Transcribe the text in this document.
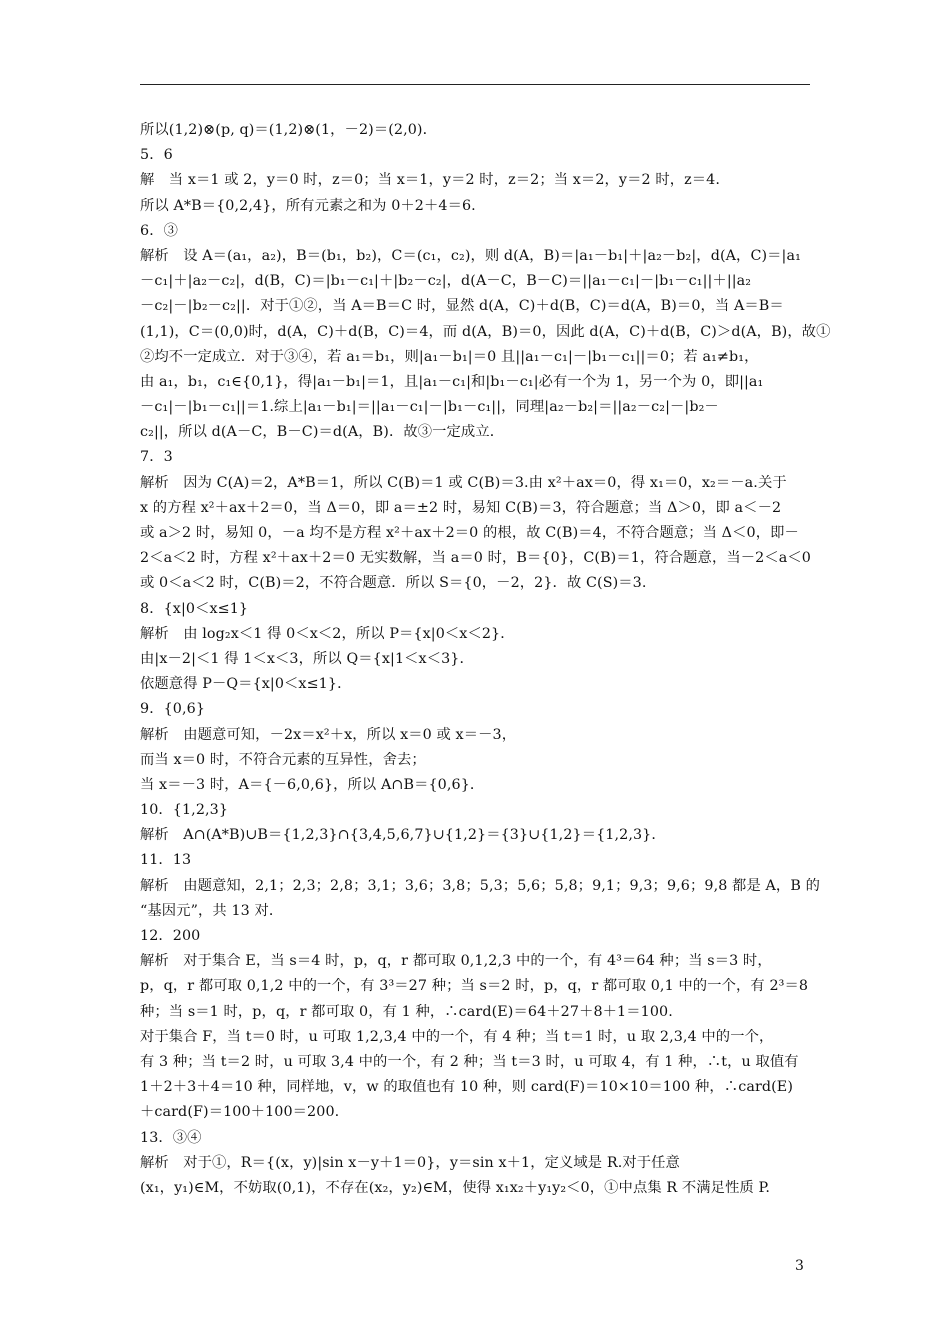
所以(1,2)⊗(p, q)＝(1,2)⊗(1，－2)＝(2,0)．
5．6
解　当 x＝1 或 2，y＝0 时，z＝0；当 x＝1，y＝2 时，z＝2；当 x＝2，y＝2 时，z＝4.
所以 A*B＝{0,2,4}，所有元素之和为 0＋2＋4＝6.
6．③
解析　设 A＝(a₁，a₂)，B＝(b₁，b₂)，C＝(c₁，c₂)，则 d(A，B)＝|a₁－b₁|＋|a₂－b₂|，d(A，C)＝|a₁
－c₁|＋|a₂－c₂|，d(B，C)＝|b₁－c₁|＋|b₂－c₂|，d(A－C，B－C)＝||a₁－c₁|－|b₁－c₁||＋||a₂
－c₂|－|b₂－c₂||．对于①②，当 A＝B＝C 时，显然 d(A，C)＋d(B，C)＝d(A，B)＝0，当 A＝B＝
(1,1)，C＝(0,0)时，d(A，C)＋d(B，C)＝4，而 d(A，B)＝0，因此 d(A，C)＋d(B，C)＞d(A，B)，故①
②均不一定成立．对于③④，若 a₁＝b₁，则|a₁－b₁|＝0 且||a₁－c₁|－|b₁－c₁||＝0；若 a₁≠b₁，
由 a₁，b₁，c₁∈{0,1}，得|a₁－b₁|＝1，且|a₁－c₁|和|b₁－c₁|必有一个为 1，另一个为 0，即||a₁
－c₁|－|b₁－c₁||＝1.综上|a₁－b₁|＝||a₁－c₁|－|b₁－c₁||，同理|a₂－b₂|＝||a₂－c₂|－|b₂－
c₂||，所以 d(A－C，B－C)＝d(A，B)．故③一定成立．
7．3
解析　因为 C(A)＝2，A*B＝1，所以 C(B)＝1 或 C(B)＝3.由 x²＋ax＝0，得 x₁＝0，x₂＝－a.关于
x 的方程 x²＋ax＋2＝0，当 Δ＝0，即 a＝±2 时，易知 C(B)＝3，符合题意；当 Δ＞0，即 a＜－2
或 a＞2 时，易知 0，－a 均不是方程 x²＋ax＋2＝0 的根，故 C(B)＝4，不符合题意；当 Δ＜0，即－
2＜a＜2 时，方程 x²＋ax＋2＝0 无实数解，当 a＝0 时，B＝{0}，C(B)＝1，符合题意，当－2＜a＜0
或 0＜a＜2 时，C(B)＝2，不符合题意．所以 S＝{0，－2，2}．故 C(S)＝3.
8．{x|0＜x≤1}
解析　由 log₂x＜1 得 0＜x＜2，所以 P＝{x|0＜x＜2}．
由|x－2|＜1 得 1＜x＜3，所以 Q＝{x|1＜x＜3}．
依题意得 P－Q＝{x|0＜x≤1}．
9．{0,6}
解析　由题意可知，－2x＝x²＋x，所以 x＝0 或 x＝－3，
而当 x＝0 时，不符合元素的互异性，舍去；
当 x＝－3 时，A＝{－6,0,6}，所以 A∩B＝{0,6}．
10．{1,2,3}
解析　A∩(A*B)∪B＝{1,2,3}∩{3,4,5,6,7}∪{1,2}＝{3}∪{1,2}＝{1,2,3}．
11．13
解析　由题意知，2,1；2,3；2,8；3,1；3,6；3,8；5,3；5,6；5,8；9,1；9,3；9,6；9,8 都是 A，B 的
“基因元”，共 13 对．
12．200
解析　对于集合 E，当 s＝4 时，p，q，r 都可取 0,1,2,3 中的一个，有 4³＝64 种；当 s＝3 时，
p，q，r 都可取 0,1,2 中的一个，有 3³＝27 种；当 s＝2 时，p，q，r 都可取 0,1 中的一个，有 2³＝8
种；当 s＝1 时，p，q，r 都可取 0，有 1 种，∴card(E)＝64＋27＋8＋1＝100.
对于集合 F，当 t＝0 时，u 可取 1,2,3,4 中的一个，有 4 种；当 t＝1 时，u 取 2,3,4 中的一个，
有 3 种；当 t＝2 时，u 可取 3,4 中的一个，有 2 种；当 t＝3 时，u 可取 4，有 1 种，∴t，u 取值有
1＋2＋3＋4＝10 种，同样地，v，w 的取值也有 10 种，则 card(F)＝10×10＝100 种，∴card(E)
＋card(F)＝100＋100＝200.
13．③④
解析　对于①，R＝{(x，y)|sin x－y＋1＝0}，y＝sin x＋1，定义域是 R.对于任意
(x₁，y₁)∈M，不妨取(0,1)，不存在(x₂，y₂)∈M，使得 x₁x₂＋y₁y₂＜0，①中点集 R 不满足性质 P.
3
